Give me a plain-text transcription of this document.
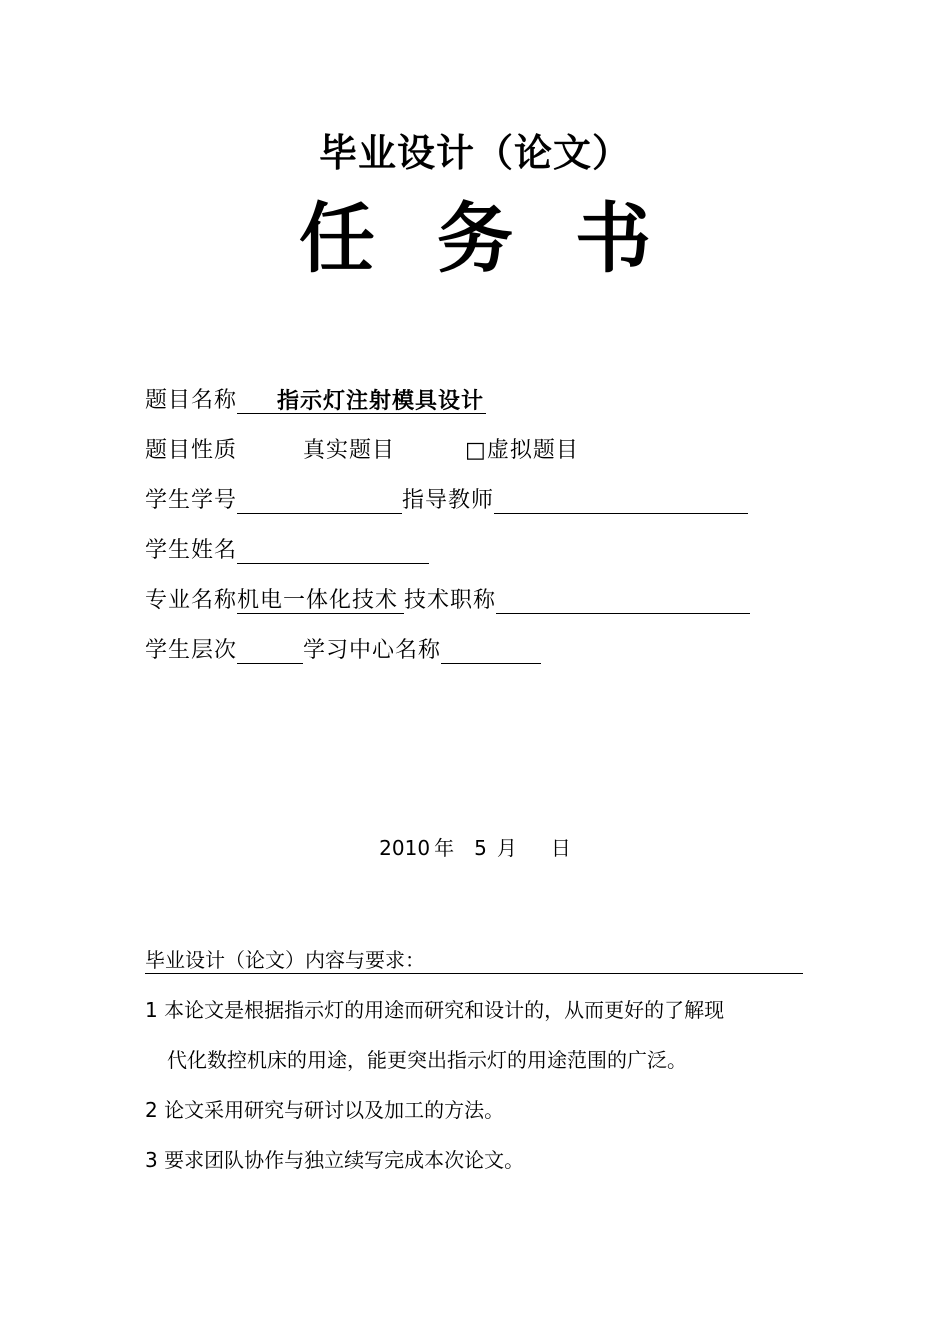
毕业设计（论文）
任务书
题目名称 指示灯注射模具设计
题目性质	真实题目	□虚拟题目
学生学号	指导教师
学生姓名
专业名称机电一体化技术 技术职称
学生层次	学习中心名称
2010 年 5 月 日
毕业设计（论文）内容与要求：
1 本论文是根据指示灯的用途而研究和设计的，从而更好的了解现
代化数控机床的用途，能更突出指示灯的用途范围的广泛。
2 论文采用研究与研讨以及加工的方法。
3 要求团队协作与独立续写完成本次论文。
